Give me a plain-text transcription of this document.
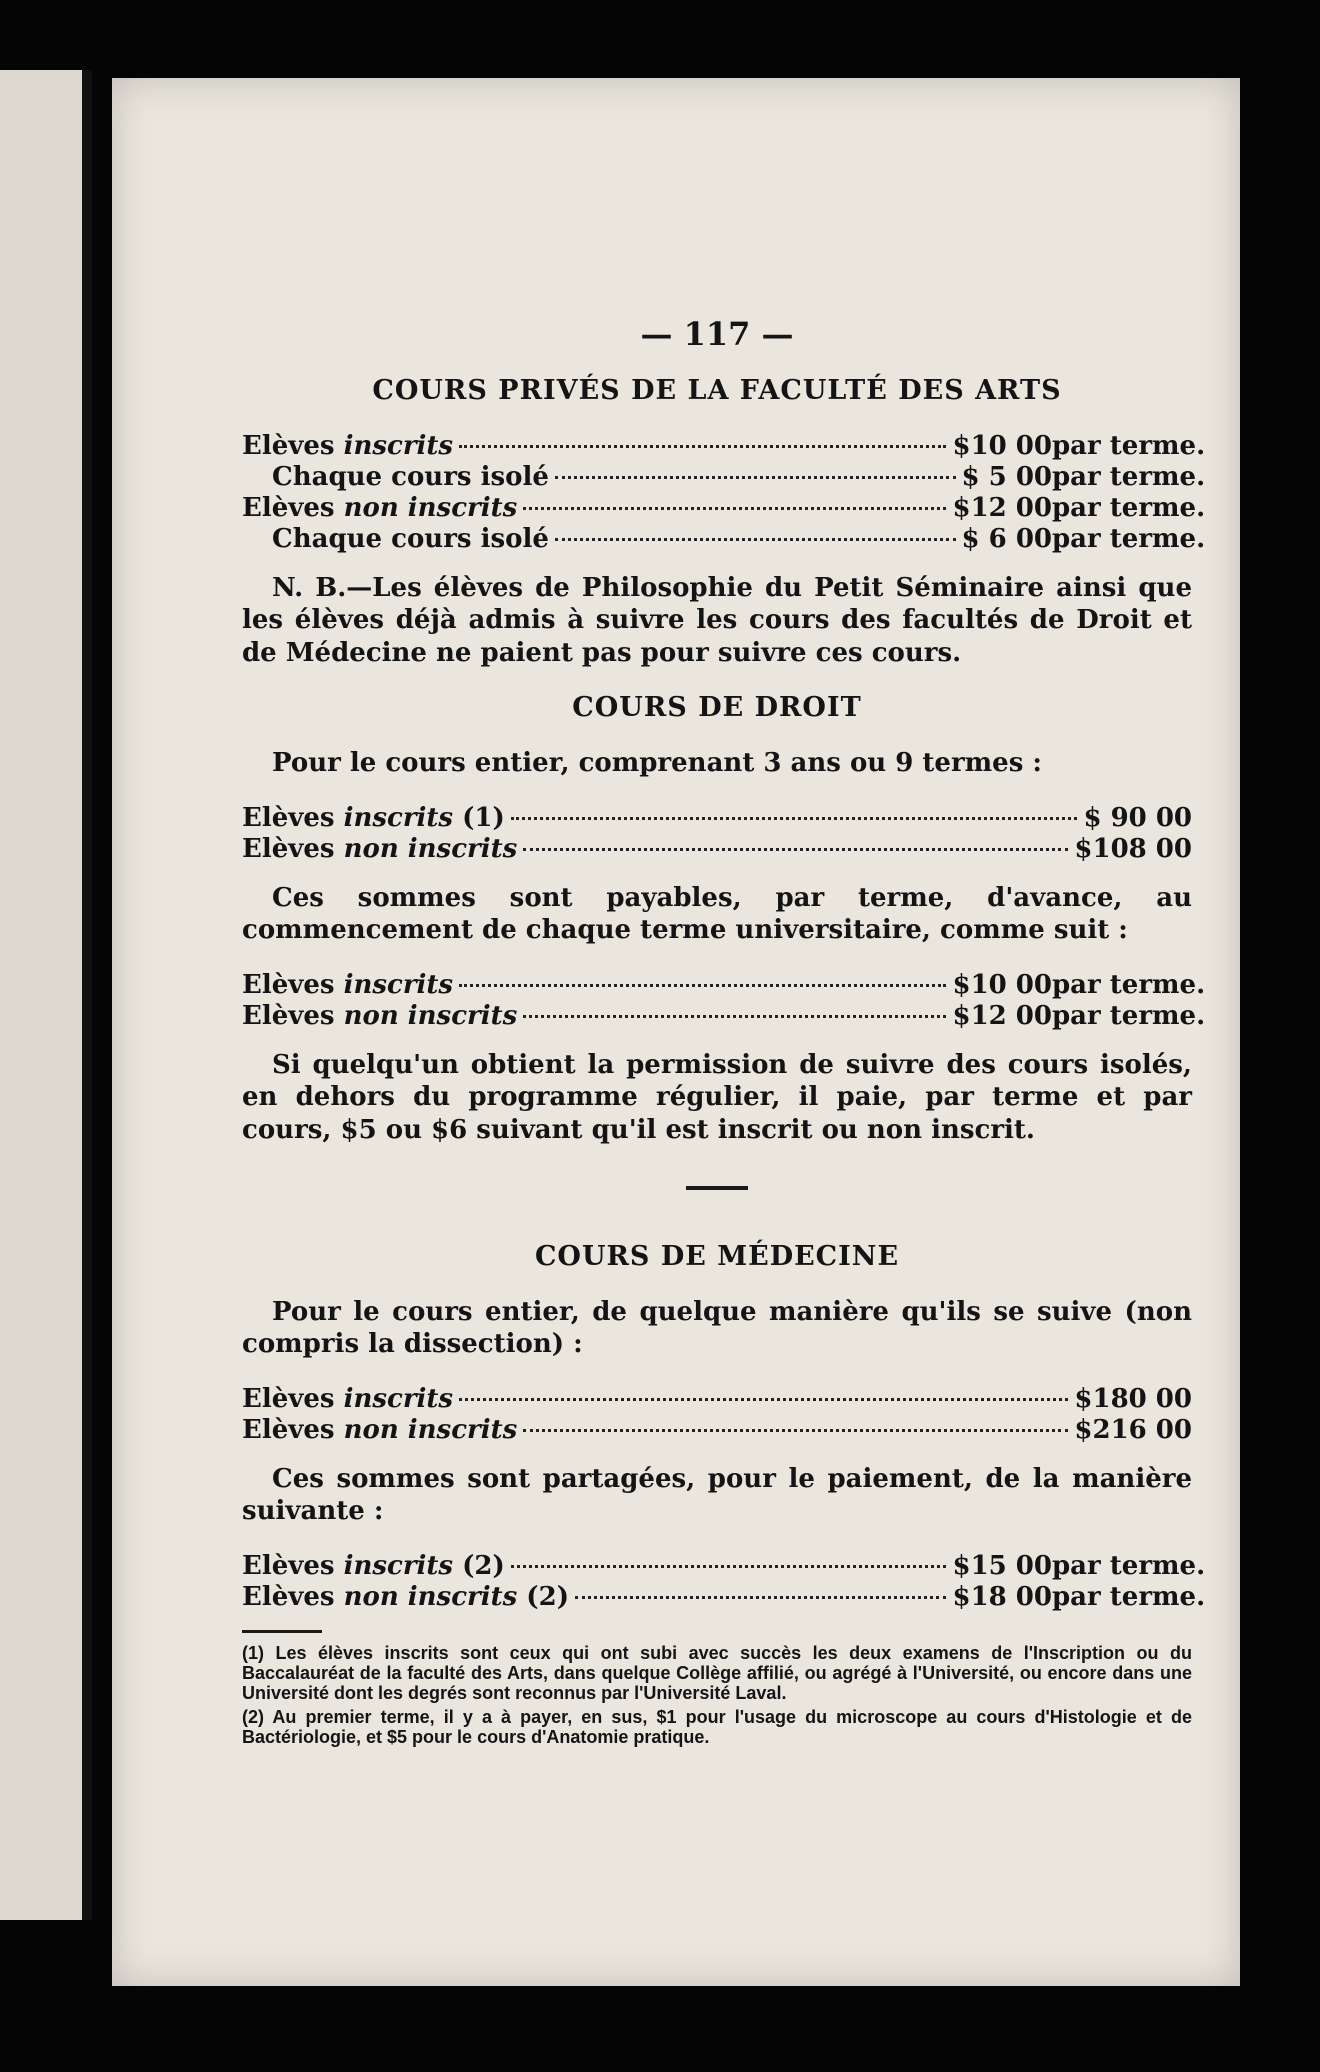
— 117 —
COURS PRIVÉS DE LA FACULTÉ DES ARTS
Elèves inscrits	$10 00 par terme.
Chaque cours isolé	$ 5 00 par terme.
Elèves non inscrits	$12 00 par terme.
Chaque cours isolé	$ 6 00 par terme.

N. B.—Les élèves de Philosophie du Petit Séminaire ainsi que les élèves déjà admis à suivre les cours des facultés de Droit et de Médecine ne paient pas pour suivre ces cours.

COURS DE DROIT

Pour le cours entier, comprenant 3 ans ou 9 termes :

Elèves inscrits (1)	$ 90 00
Elèves non inscrits	$108 00

Ces sommes sont payables, par terme, d'avance, au commencement de chaque terme universitaire, comme suit :

Elèves inscrits	$10 00 par terme.
Elèves non inscrits	$12 00 par terme.

Si quelqu'un obtient la permission de suivre des cours isolés, en dehors du programme régulier, il paie, par terme et par cours, $5 ou $6 suivant qu'il est inscrit ou non inscrit.

COURS DE MÉDECINE

Pour le cours entier, de quelque manière qu'ils se suive (non compris la dissection) :

Elèves inscrits	$180 00
Elèves non inscrits	$216 00

Ces sommes sont partagées, pour le paiement, de la manière suivante :

Elèves inscrits (2)	$15 00 par terme.
Elèves non inscrits (2)	$18 00 par terme.

(1) Les élèves inscrits sont ceux qui ont subi avec succès les deux examens de l'Inscription ou du Baccalauréat de la faculté des Arts, dans quelque Collège affilié, ou agrégé à l'Université, ou encore dans une Université dont les degrés sont reconnus par l'Université Laval.

(2) Au premier terme, il y a à payer, en sus, $1 pour l'usage du microscope au cours d'Histologie et de Bactériologie, et $5 pour le cours d'Anatomie pratique.
